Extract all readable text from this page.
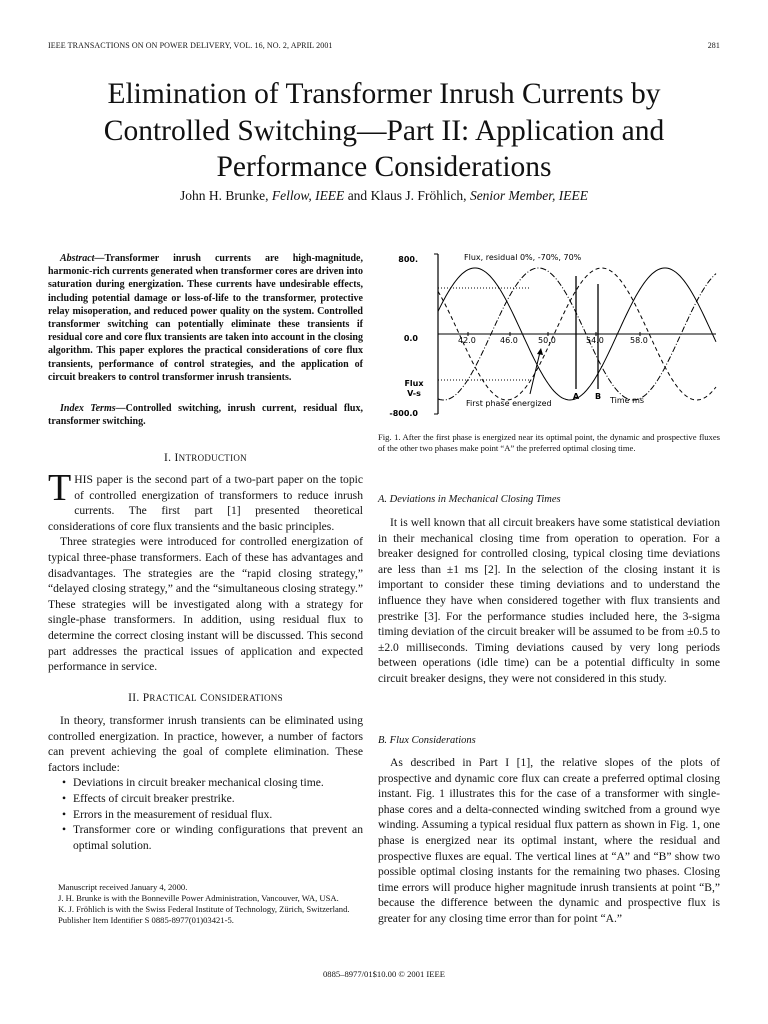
IEEE TRANSACTIONS ON ON POWER DELIVERY, VOL. 16, NO. 2, APRIL 2001	281
Elimination of Transformer Inrush Currents by
Controlled Switching—Part II: Application and
Performance Considerations
John H. Brunke, Fellow, IEEE and Klaus J. Fröhlich, Senior Member, IEEE
Abstract—Transformer inrush currents are high-magnitude, harmonic-rich currents generated when transformer cores are driven into saturation during energization. These currents have undesirable effects, including potential damage or loss-of-life to the transformer, protective relay misoperation, and reduced power quality on the system. Controlled transformer switching can potentially eliminate these transients if residual core and core flux transients are taken into account in the closing algorithm. This paper explores the practical considerations of core flux transients, performance of control strategies, and the application of circuit breakers to control transformer inrush transients.
Index Terms—Controlled switching, inrush current, residual flux, transformer switching.
I. INTRODUCTION

THIS paper is the second part of a two-part paper on the topic of controlled energization of transformers to reduce inrush currents. The first part [1] presented theoretical considerations of core flux transients and the basic principles.

Three strategies were introduced for controlled energization of typical three-phase transformers. Each of these has advantages and disadvantages. The strategies are the “rapid closing strategy,” “delayed closing strategy,” and the “simultaneous closing strategy.” These strategies will be investigated along with a strategy for single-phase transformers. In addition, using residual flux to determine the correct closing instant will be discussed. This second part addresses the practical issues of application and expected performance in service.

II. PRACTICAL CONSIDERATIONS

In theory, transformer inrush transients can be eliminated using controlled energization. In practice, however, a number of factors can prevent achieving the goal of complete elimination. These factors include:

• Deviations in circuit breaker mechanical closing time.
• Effects of circuit breaker prestrike.
• Errors in the measurement of residual flux.
• Transformer core or winding configurations that prevent an optimal solution.
Manuscript received January 4, 2000.
J. H. Brunke is with the Bonneville Power Administration, Vancouver, WA, USA.
K. J. Fröhlich is with the Swiss Federal Institute of Technology, Zürich, Switzerland.
Publisher Item Identifier S 0885-8977(01)03421-5.
Flux, residual 0%, -70%, 70%
800.
0.0
-800.0
Flux
V-s
First phase energized
A B Time ms
42.0	46.0	50.0	54.0	58.0
Fig. 1. After the first phase is energized near its optimal point, the dynamic and prospective fluxes of the other two phases make point “A” the preferred optimal closing time.
A. Deviations in Mechanical Closing Times

It is well known that all circuit breakers have some statistical deviation in their mechanical closing time from operation to operation. For a breaker designed for controlled closing, typical closing time deviations are less than ±1 ms [2]. In the selection of the closing instant it is important to consider these timing deviations and to understand the influence they have when considered together with flux transients and prestrike [3]. For the performance studies included here, the 3-sigma timing deviation of the circuit breaker will be assumed to be from ±0.5 to ±2.0 milliseconds. Timing deviations caused by very long periods between operations (idle time) can be a potential difficulty in some circuit breaker designs, they were not considered in this study.

B. Flux Considerations

As described in Part I [1], the relative slopes of the plots of prospective and dynamic core flux can create a preferred optimal closing instant. Fig. 1 illustrates this for the case of a transformer with single-phase cores and a delta-connected winding switched from a ground wye winding. Assuming a typical residual flux pattern as shown in Fig. 1, one phase is energized near its optimal instant, where the residual and prospective fluxes are equal. The vertical lines at “A” and “B” show two possible optimal closing instants for the remaining two phases. Closing time errors will produce higher magnitude inrush transients at point “B,” because the difference between the dynamic and prospective flux is greater for any closing time error than for point “A.”

0885–8977/01$10.00 © 2001 IEEE
